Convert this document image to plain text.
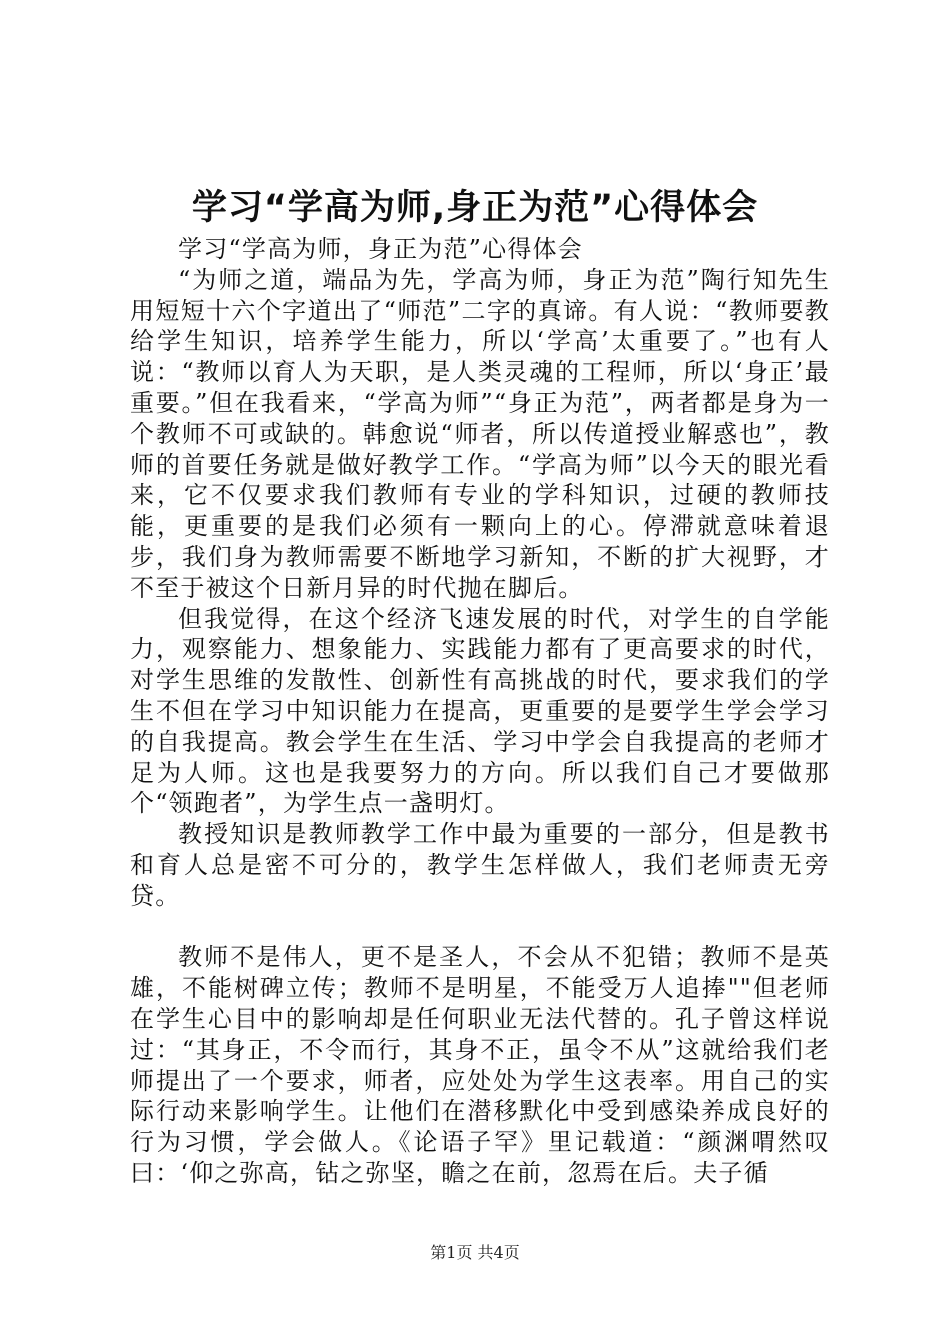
学习“学高为师,身正为范”心得体会

学习“学高为师，身正为范”心得体会

“为师之道，端品为先，学高为师，身正为范”陶行知先生用短短十六个字道出了“师范”二字的真谛。有人说：“教师要教给学生知识，培养学生能力，所以‘学高’太重要了。”也有人说：“教师以育人为天职，是人类灵魂的工程师，所以‘身正’最重要。”但在我看来，“学高为师”“身正为范”，两者都是身为一个教师不可或缺的。韩愈说“师者，所以传道授业解惑也”，教师的首要任务就是做好教学工作。“学高为师”以今天的眼光看来，它不仅要求我们教师有专业的学科知识，过硬的教师技能，更重要的是我们必须有一颗向上的心。停滞就意味着退步，我们身为教师需要不断地学习新知，不断的扩大视野，才不至于被这个日新月异的时代抛在脚后。

但我觉得，在这个经济飞速发展的时代，对学生的自学能力，观察能力、想象能力、实践能力都有了更高要求的时代，对学生思维的发散性、创新性有高挑战的时代，要求我们的学生不但在学习中知识能力在提高，更重要的是要学生学会学习的自我提高。教会学生在生活、学习中学会自我提高的老师才足为人师。这也是我要努力的方向。所以我们自己才要做那个“领跑者”，为学生点一盏明灯。

教授知识是教师教学工作中最为重要的一部分，但是教书和育人总是密不可分的，教学生怎样做人，我们老师责无旁贷。

教师不是伟人，更不是圣人，不会从不犯错；教师不是英雄，不能树碑立传；教师不是明星，不能受万人追捧""但老师在学生心目中的影响却是任何职业无法代替的。孔子曾这样说过：“其身正，不令而行，其身不正，虽令不从”这就给我们老师提出了一个要求，师者，应处处为学生这表率。用自己的实际行动来影响学生。让他们在潜移默化中受到感染养成良好的行为习惯，学会做人。《论语子罕》里记载道：“颜渊喟然叹曰：‘仰之弥高，钻之弥坚，瞻之在前，忽焉在后。夫子循

第1页 共4页
